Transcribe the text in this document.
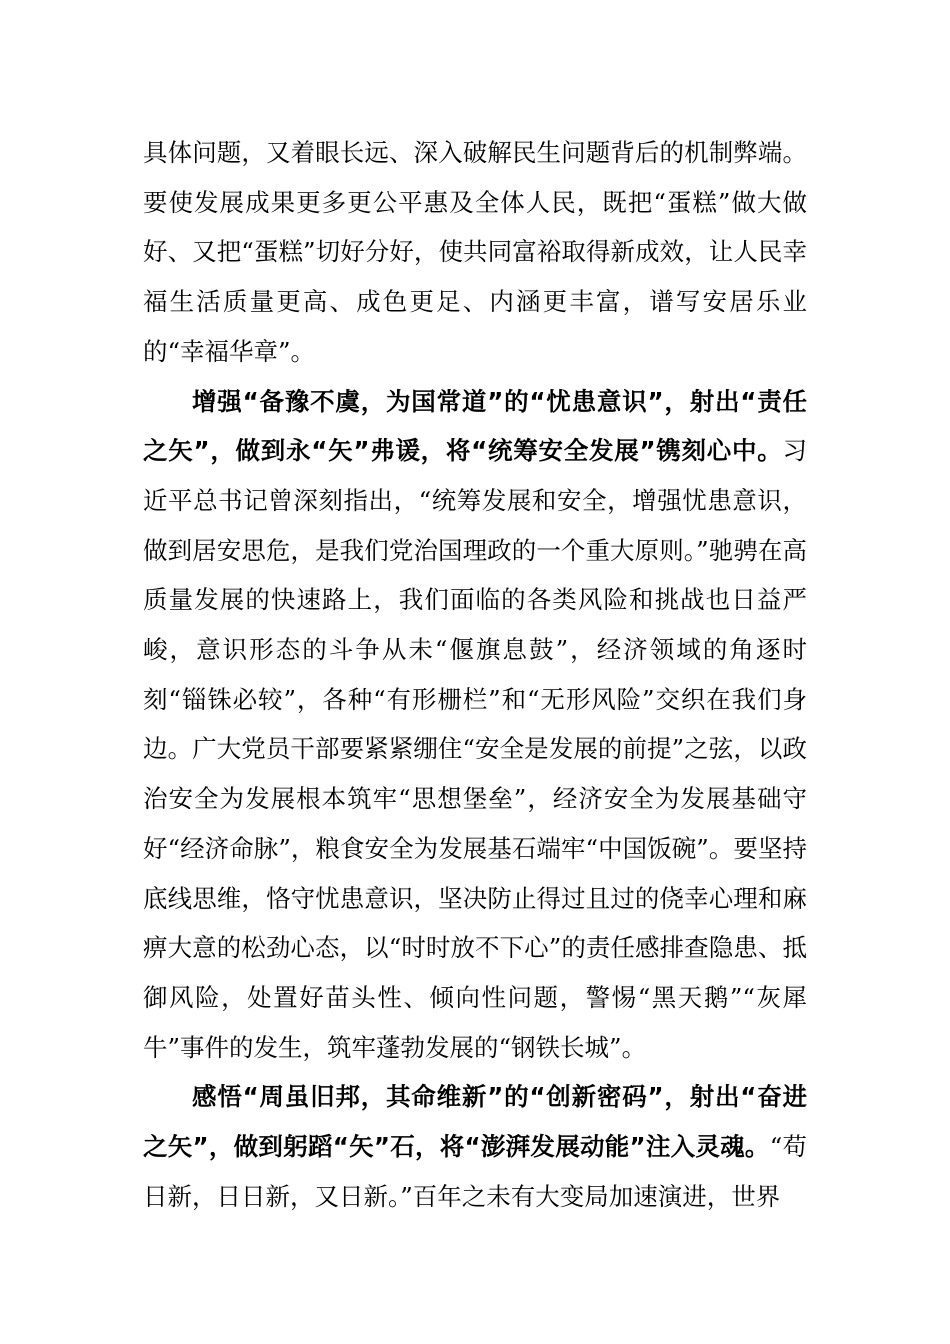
具体问题，又着眼长远、深入破解民生问题背后的机制弊端。要使发展成果更多更公平惠及全体人民，既把“蛋糕”做大做好、又把“蛋糕”切好分好，使共同富裕取得新成效，让人民幸福生活质量更高、成色更足、内涵更丰富，谱写安居乐业的“幸福华章”。

增强“备豫不虞，为国常道”的“忧患意识”，射出“责任之矢”，做到永“矢”弗谖，将“统筹安全发展”镌刻心中。习近平总书记曾深刻指出，“统筹发展和安全，增强忧患意识，做到居安思危，是我们党治国理政的一个重大原则。”驰骋在高质量发展的快速路上，我们面临的各类风险和挑战也日益严峻，意识形态的斗争从未“偃旗息鼓”，经济领域的角逐时刻“锱铢必较”，各种“有形栅栏”和“无形风险”交织在我们身边。广大党员干部要紧紧绷住“安全是发展的前提”之弦，以政治安全为发展根本筑牢“思想堡垒”，经济安全为发展基础守好“经济命脉”，粮食安全为发展基石端牢“中国饭碗”。要坚持底线思维，恪守忧患意识，坚决防止得过且过的侥幸心理和麻痹大意的松劲心态，以“时时放不下心”的责任感排查隐患、抵御风险，处置好苗头性、倾向性问题，警惕“黑天鹅”“灰犀牛”事件的发生，筑牢蓬勃发展的“钢铁长城”。

感悟“周虽旧邦，其命维新”的“创新密码”，射出“奋进之矢”，做到躬蹈“矢”石，将“澎湃发展动能”注入灵魂。“苟日新，日日新，又日新。”百年之未有大变局加速演进，世界
